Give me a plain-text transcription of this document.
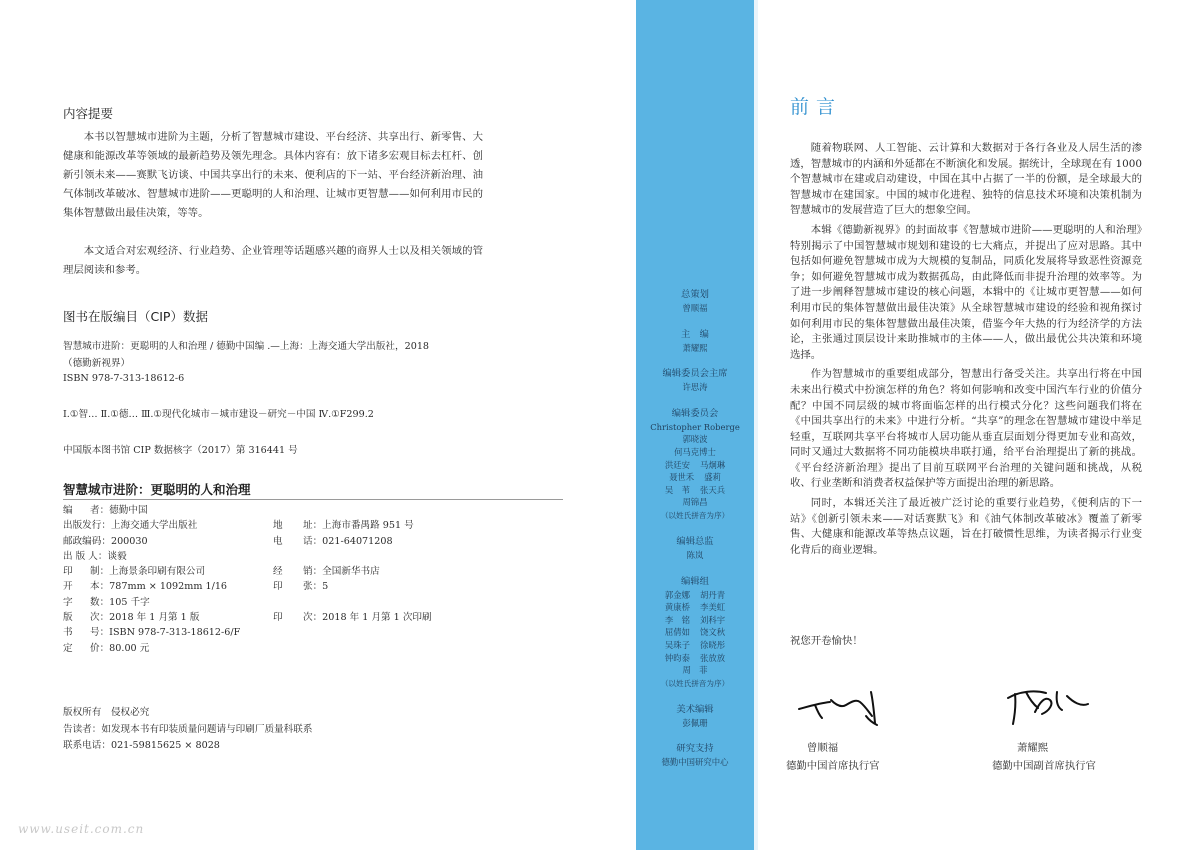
内容提要

本书以智慧城市进阶为主题，分析了智慧城市建设、平台经济、共享出行、新零售、大健康和能源改革等领域的最新趋势及领先理念。具体内容有：放下诸多宏观目标去杠杆、创新引领未来——赛默飞访谈、中国共享出行的未来、便利店的下一站、平台经济新治理、油气体制改革破冰、智慧城市进阶——更聪明的人和治理、让城市更智慧——如何利用市民的集体智慧做出最佳决策，等等。

本文适合对宏观经济、行业趋势、企业管理等话题感兴趣的商界人士以及相关领域的管理层阅读和参考。

图书在版编目（CIP）数据
智慧城市进阶：更聪明的人和治理 / 德勤中国编 .—上海：上海交通大学出版社，2018
（德勤新视界）
ISBN 978-7-313-18612-6
Ⅰ.①智… Ⅱ.①德… Ⅲ.①现代化城市－城市建设－研究－中国 Ⅳ.①F299.2
中国版本图书馆 CIP 数据核字（2017）第 316441 号
智慧城市进阶：更聪明的人和治理
编 者：德勤中国
出版发行：上海交通大学出版社	地 址：上海市番禺路 951 号
邮政编码：200030	电 话：021-64071208
出 版 人：谈毅
印 制：上海景条印刷有限公司	经 销：全国新华书店
开 本：787mm × 1092mm 1/16	印 张：5
字 数：105 千字
版 次：2018 年 1 月第 1 版	印 次：2018 年 1 月第 1 次印刷
书 号：ISBN 978-7-313-18612-6/F
定 价：80.00 元
版权所有　侵权必究
告读者：如发现本书有印装质量问题请与印刷厂质量科联系
联系电话：021-59815625 × 8028
www.useit.com.cn
总策划
曾顺福
主　编
萧耀熙
编辑委员会主席
许思涛
编辑委员会
Christopher Roberge
郭晓波
何马克博士
洪廷安 马炯琳
聂世禾 盛莉
吴　苇 张天兵
周锦昌
（以姓氏拼音为序）
编辑总监
陈岚
编辑组
郭金娜 胡丹青
黄康桥 李美虹
李　铭 刘科宇
屈倩如 饶文秋
吴珠子 徐晓彤
钟昀泰 张放放
周　菲
（以姓氏拼音为序）
美术编辑
彭佩珊
研究支持
德勤中国研究中心
前言

随着物联网、人工智能、云计算和大数据对于各行各业及人居生活的渗透，智慧城市的内涵和外延都在不断演化和发展。据统计，全球现在有 1000 个智慧城市在建或启动建设，中国在其中占据了一半的份额，是全球最大的智慧城市在建国家。中国的城市化进程、独特的信息技术环境和决策机制为智慧城市的发展营造了巨大的想象空间。

本辑《德勤新视界》的封面故事《智慧城市进阶——更聪明的人和治理》特别揭示了中国智慧城市规划和建设的七大痛点，并提出了应对思路。其中包括如何避免智慧城市成为大规模的复制品，同质化发展将导致恶性资源竞争；如何避免智慧城市成为数据孤岛，由此降低而非提升治理的效率等。为了进一步阐释智慧城市建设的核心问题，本辑中的《让城市更智慧——如何利用市民的集体智慧做出最佳决策》从全球智慧城市建设的经验和视角探讨如何利用市民的集体智慧做出最佳决策，借鉴今年大热的行为经济学的方法论，主张通过顶层设计来助推城市的主体——人，做出最优公共决策和环境选择。

作为智慧城市的重要组成部分，智慧出行备受关注。共享出行将在中国未来出行模式中扮演怎样的角色？将如何影响和改变中国汽车行业的价值分配？中国不同层级的城市将面临怎样的出行模式分化？这些问题我们将在《中国共享出行的未来》中进行分析。“共享”的理念在智慧城市建设中举足轻重，互联网共享平台将城市人居功能从垂直层面划分得更加专业和高效，同时又通过大数据将不同功能模块串联打通，给平台治理提出了新的挑战。《平台经济新治理》提出了目前互联网平台治理的关键问题和挑战，从税收、行业垄断和消费者权益保护等方面提出治理的新思路。

同时，本辑还关注了最近被广泛讨论的重要行业趋势，《便利店的下一站》《创新引领未来——对话赛默飞》和《油气体制改革破冰》覆盖了新零售、大健康和能源改革等热点议题，旨在打破惯性思维，为读者揭示行业变化背后的商业逻辑。

祝您开卷愉快！
曾顺福
德勤中国首席执行官
萧耀熙
德勤中国副首席执行官
